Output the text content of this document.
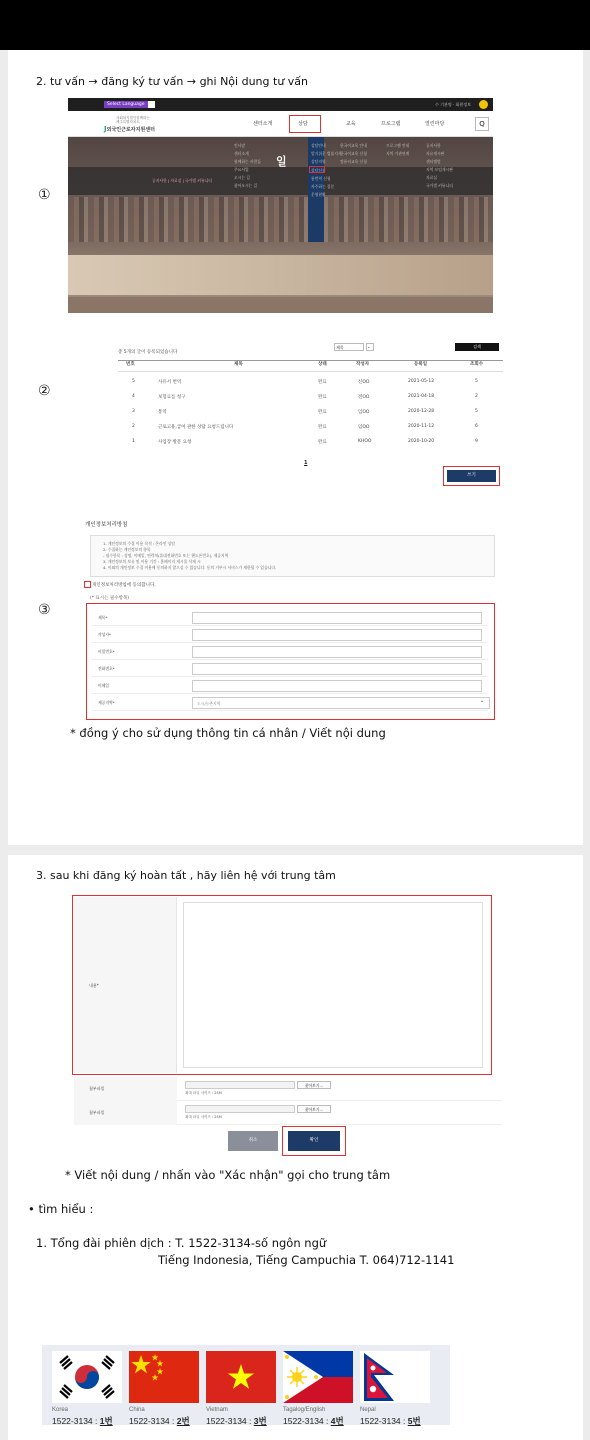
2. tư vấn → đăng ký tư vấn → ghi Nội dung tư vấn
①
②
③
Select Language	수 기관명 · 회원정보
사회복지법인함께하는
제주특별자치도
J외국인근로자지원센터
센터소개	상담	교육	프로그램	열린마당	Q
일
공지사항 | 자료실 | 국가별 커뮤니티
인사말
센터소개
함께하는 사람들
주요사업
오시는 길
찾아오시는 길
상담안내
알기쉬운 법률지식
상담지원
상담신청
통번역 신청
자주하는 질문
운영현황
한국어교육 안내
한국어교육 신청
컴퓨터교육 신청
프로그램 안내
지역 기관연계
공지사항
자유게시판
센터앨범
지역 모임게시판
자료실
국가별 커뮤니티
총 5개의 글이 등록되었습니다
제목	⌄	검색
번호	제목	상태	작성자	등록일	조회수
5	사유서 번역	완료	신OO	2021-05-12	5
4	보험료를 청구	완료	전OO	2021-04-18	2
3	통역	완료	임OO	2020-12-28	5
2	근로고용,급여 관한 상담 요청드립니다	완료	임OO	2020-11-12	6
1	사업장 방문 요청	완료	KHOO	2020-10-20	9
1
쓰기
개인정보처리방침
1. 개인정보의 수집 이용 목적 : 온라인 상담
2. 수집하는 개인정보의 항목
- 필수항목 : 성명, 이메일, 연락처(휴대전화번호 또는 핸드폰번호), 제공지역
3. 개인정보의 보유 및 이용 기간 : 홈페이지 게시물 삭제 시
4. 이외의 개인정보 수집 이용에 동의하지 않으실 수 있습니다. 동의 거부시 서비스가 제한될 수 있습니다.
개인정보처리방침에 동의합니다.
(* 표시는 필수항목)
제목*
작성자*
비밀번호*
전화번호*
이메일
제공지역*	도시/농촌지역	⌄
* đồng ý cho sử dụng thông tin cá nhân / Viết nội dung
3. sau khi đăng ký hoàn tất , hãy liên hệ với trung tâm
내용*
첨부파일
찾아보기...
최대 파일 사이즈 : 2SM
첨부파일
찾아보기...
최대 파일 사이즈 : 2SM
취소	확인
* Viết nội dung / nhấn vào "Xác nhận" gọi cho trung tâm
• tìm hiểu :
1. Tổng đài phiên dịch : T. 1522-3134-số ngôn ngữ
Tiếng Indonesia, Tiếng Campuchia T. 064)712-1141
Korea	China	Vietnam	Tagalog/English	Nepal
1522-3134 : 1번 1522-3134 : 2번 1522-3134 : 3번 1522-3134 : 4번 1522-3134 : 5번
